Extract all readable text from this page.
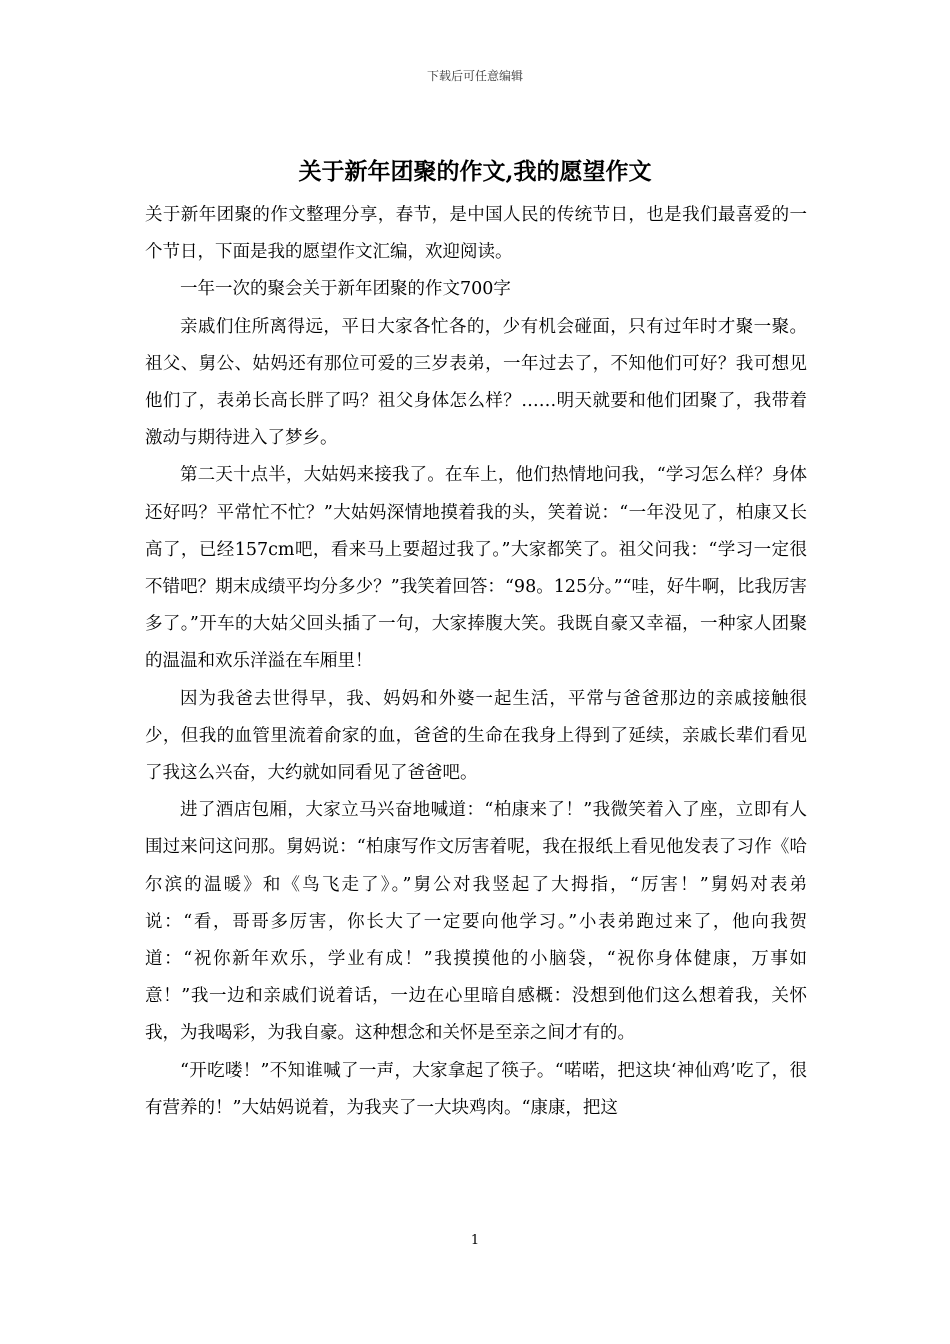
下载后可任意编辑
关于新年团聚的作文,我的愿望作文

关于新年团聚的作文整理分享，春节，是中国人民的传统节日，也是我们最喜爱的一个节日，下面是我的愿望作文汇编，欢迎阅读。

一年一次的聚会关于新年团聚的作文700字

亲戚们住所离得远，平日大家各忙各的，少有机会碰面，只有过年时才聚一聚。祖父、舅公、姑妈还有那位可爱的三岁表弟，一年过去了，不知他们可好？我可想见他们了，表弟长高长胖了吗？祖父身体怎么样？……明天就要和他们团聚了，我带着激动与期待进入了梦乡。

第二天十点半，大姑妈来接我了。在车上，他们热情地问我，“学习怎么样？身体还好吗？平常忙不忙？”大姑妈深情地摸着我的头，笑着说：“一年没见了，柏康又长高了，已经157cm吧，看来马上要超过我了。”大家都笑了。祖父问我：“学习一定很不错吧？期末成绩平均分多少？”我笑着回答：“98。125分。”“哇，好牛啊，比我厉害多了。”开车的大姑父回头插了一句，大家捧腹大笑。我既自豪又幸福，一种家人团聚的温温和欢乐洋溢在车厢里！

因为我爸去世得早，我、妈妈和外婆一起生活，平常与爸爸那边的亲戚接触很少，但我的血管里流着俞家的血，爸爸的生命在我身上得到了延续，亲戚长辈们看见了我这么兴奋，大约就如同看见了爸爸吧。

进了酒店包厢，大家立马兴奋地喊道：“柏康来了！”我微笑着入了座，立即有人围过来问这问那。舅妈说：“柏康写作文厉害着呢，我在报纸上看见他发表了习作《哈尔滨的温暖》和《鸟飞走了》。”舅公对我竖起了大拇指，“厉害！”舅妈对表弟说：“看，哥哥多厉害，你长大了一定要向他学习。”小表弟跑过来了，他向我贺道：“祝你新年欢乐，学业有成！”我摸摸他的小脑袋，“祝你身体健康，万事如意！”我一边和亲戚们说着话，一边在心里暗自感概：没想到他们这么想着我，关怀我，为我喝彩，为我自豪。这种想念和关怀是至亲之间才有的。

“开吃喽！”不知谁喊了一声，大家拿起了筷子。“喏喏，把这块‘神仙鸡’吃了，很有营养的！”大姑妈说着，为我夹了一大块鸡肉。“康康，把这

1
